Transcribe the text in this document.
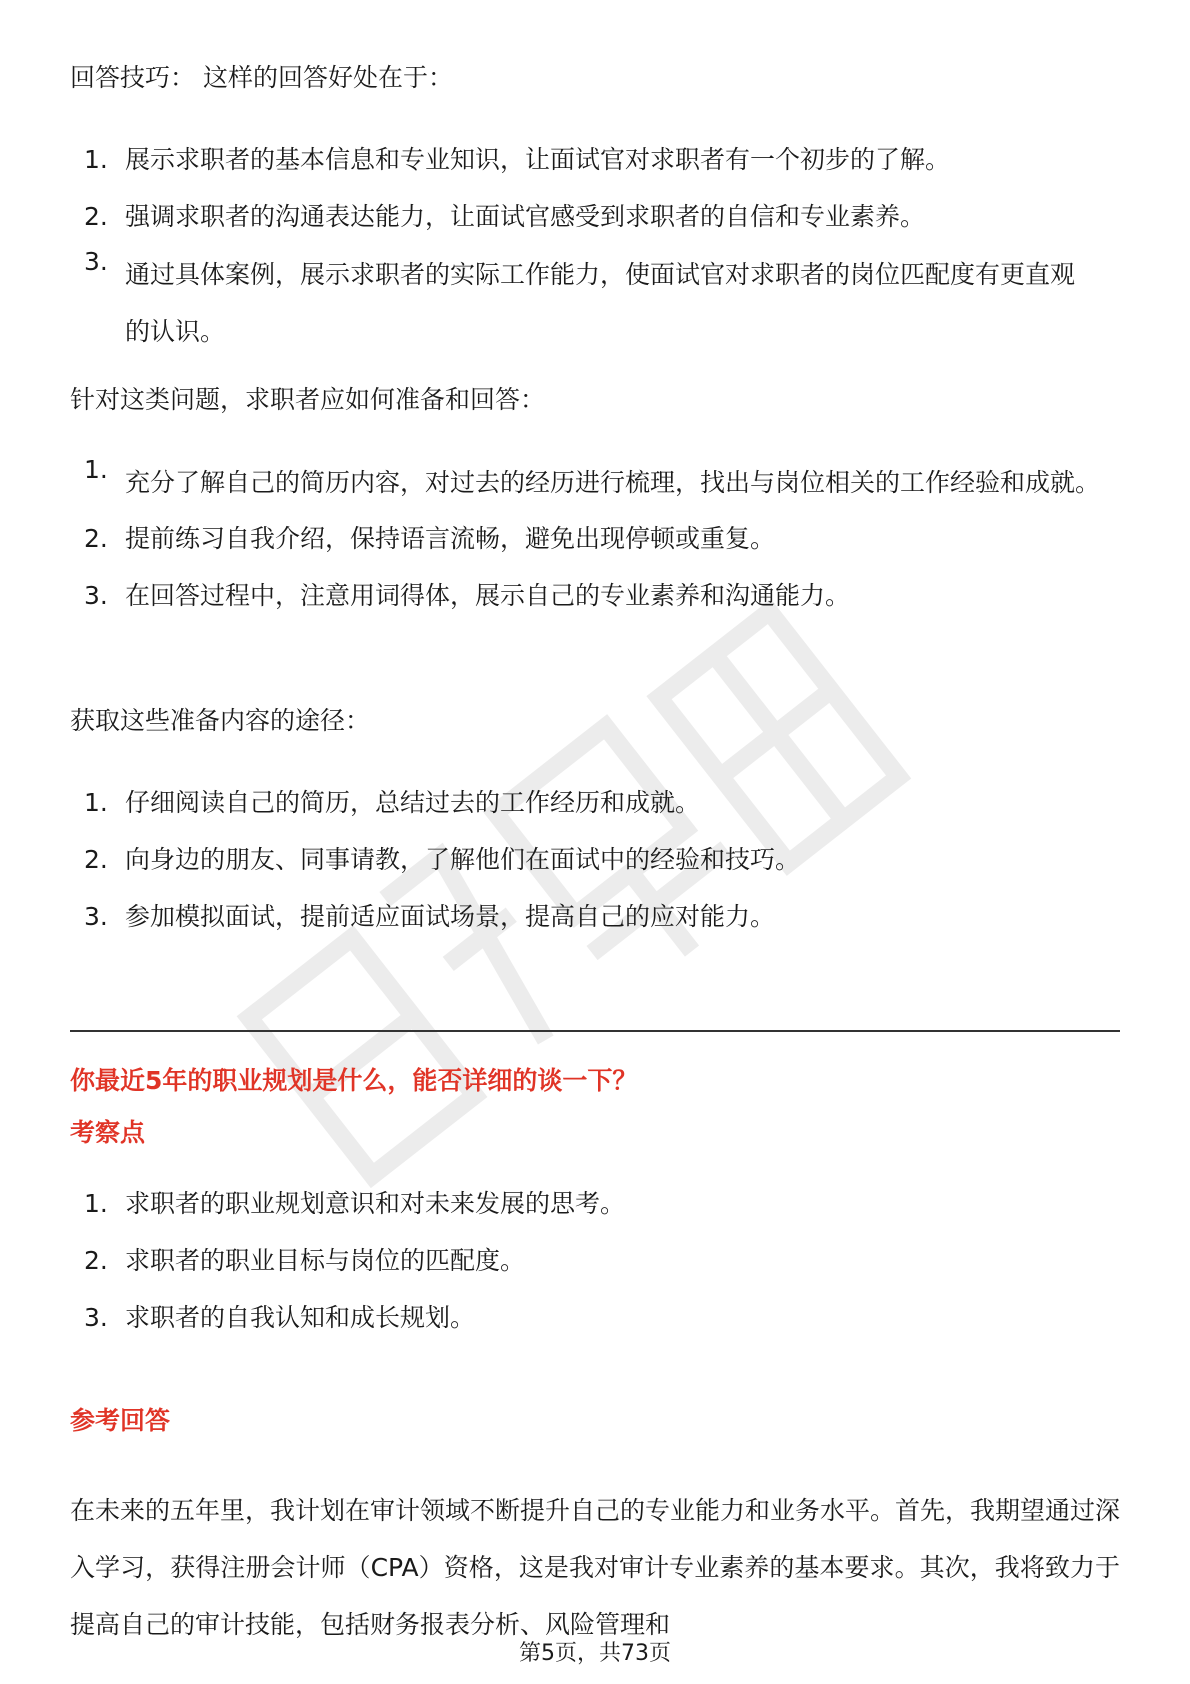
回答技巧： 这样的回答好处在于：

1. 展示求职者的基本信息和专业知识，让面试官对求职者有一个初步的了解。
2. 强调求职者的沟通表达能力，让面试官感受到求职者的自信和专业素养。
3. 通过具体案例，展示求职者的实际工作能力，使面试官对求职者的岗位匹配度有更直观的认识。

针对这类问题，求职者应如何准备和回答：

1. 充分了解自己的简历内容，对过去的经历进行梳理，找出与岗位相关的工作经验和成就。
2. 提前练习自我介绍，保持语言流畅，避免出现停顿或重复。
3. 在回答过程中，注意用词得体，展示自己的专业素养和沟通能力。

获取这些准备内容的途径：

1. 仔细阅读自己的简历，总结过去的工作经历和成就。
2. 向身边的朋友、同事请教，了解他们在面试中的经验和技巧。
3. 参加模拟面试，提前适应面试场景，提高自己的应对能力。

你最近5年的职业规划是什么，能否详细的谈一下？

考察点

1. 求职者的职业规划意识和对未来发展的思考。
2. 求职者的职业目标与岗位的匹配度。
3. 求职者的自我认知和成长规划。

参考回答

在未来的五年里，我计划在审计领域不断提升自己的专业能力和业务水平。首先，我期望通过深入学习，获得注册会计师（CPA）资格，这是我对审计专业素养的基本要求。其次，我将致力于提高自己的审计技能，包括财务报表分析、风险管理和

第5页，共73页
